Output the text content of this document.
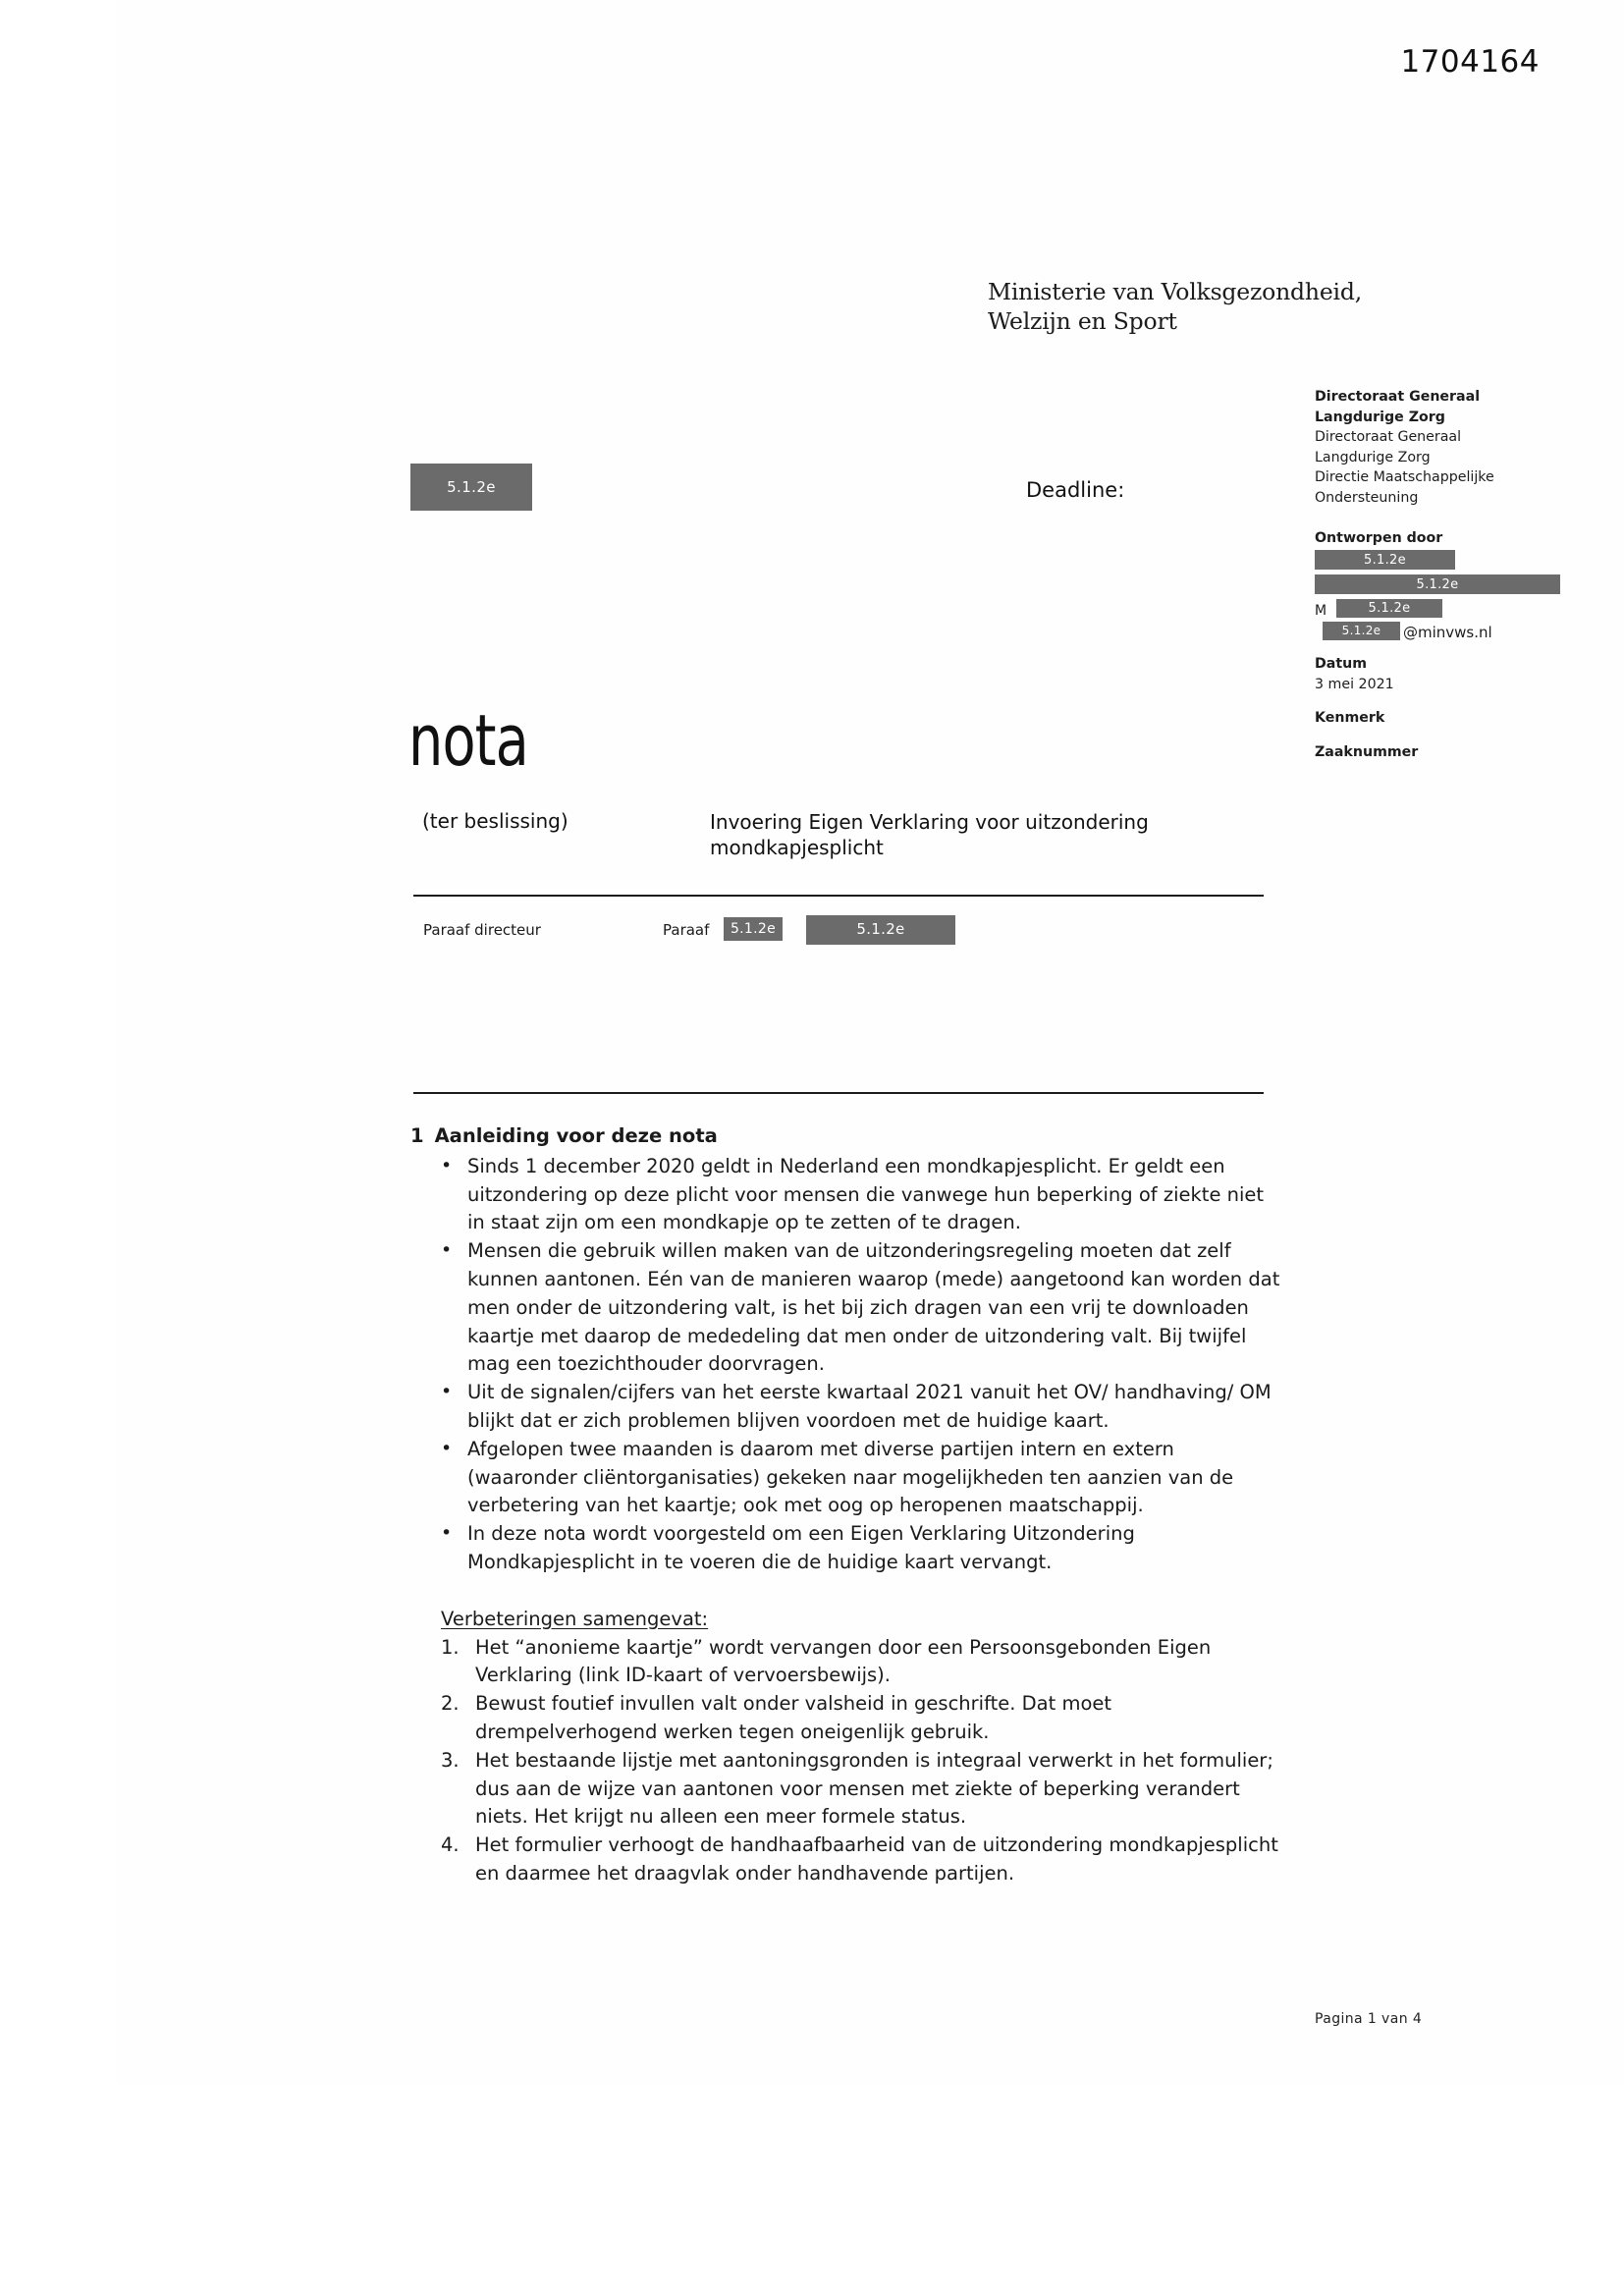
1704164
Ministerie van Volksgezondheid,
Welzijn en Sport
Directoraat Generaal
Langdurige Zorg
Directoraat Generaal
Langdurige Zorg
Directie Maatschappelijke
Ondersteuning
Ontworpen door
5.1.2e
5.1.2e
M	5.1.2e
5.1.2e	@minvws.nl
Datum
3 mei 2021
Kenmerk
Zaaknummer
5.1.2e	Deadline:
nota
(ter beslissing)	Invoering Eigen Verklaring voor uitzondering mondkapjesplicht
Paraaf directeur	Paraaf	5.1.2e	5.1.2e
1 Aanleiding voor deze nota
• Sinds 1 december 2020 geldt in Nederland een mondkapjesplicht. Er geldt een uitzondering op deze plicht voor mensen die vanwege hun beperking of ziekte niet in staat zijn om een mondkapje op te zetten of te dragen.
• Mensen die gebruik willen maken van de uitzonderingsregeling moeten dat zelf kunnen aantonen. Eén van de manieren waarop (mede) aangetoond kan worden dat men onder de uitzondering valt, is het bij zich dragen van een vrij te downloaden kaartje met daarop de mededeling dat men onder de uitzondering valt. Bij twijfel mag een toezichthouder doorvragen.
• Uit de signalen/cijfers van het eerste kwartaal 2021 vanuit het OV/ handhaving/ OM blijkt dat er zich problemen blijven voordoen met de huidige kaart.
• Afgelopen twee maanden is daarom met diverse partijen intern en extern (waaronder cliëntorganisaties) gekeken naar mogelijkheden ten aanzien van de verbetering van het kaartje; ook met oog op heropenen maatschappij.
• In deze nota wordt voorgesteld om een Eigen Verklaring Uitzondering Mondkapjesplicht in te voeren die de huidige kaart vervangt.
Verbeteringen samengevat:
Het “anonieme kaartje” wordt vervangen door een Persoonsgebonden Eigen Verklaring (link ID-kaart of vervoersbewijs).
Bewust foutief invullen valt onder valsheid in geschrifte. Dat moet drempelverhogend werken tegen oneigenlijk gebruik.
Het bestaande lijstje met aantoningsgronden is integraal verwerkt in het formulier; dus aan de wijze van aantonen voor mensen met ziekte of beperking verandert niets. Het krijgt nu alleen een meer formele status.
Het formulier verhoogt de handhaafbaarheid van de uitzondering mondkapjesplicht en daarmee het draagvlak onder handhavende partijen.
Pagina 1 van 4
